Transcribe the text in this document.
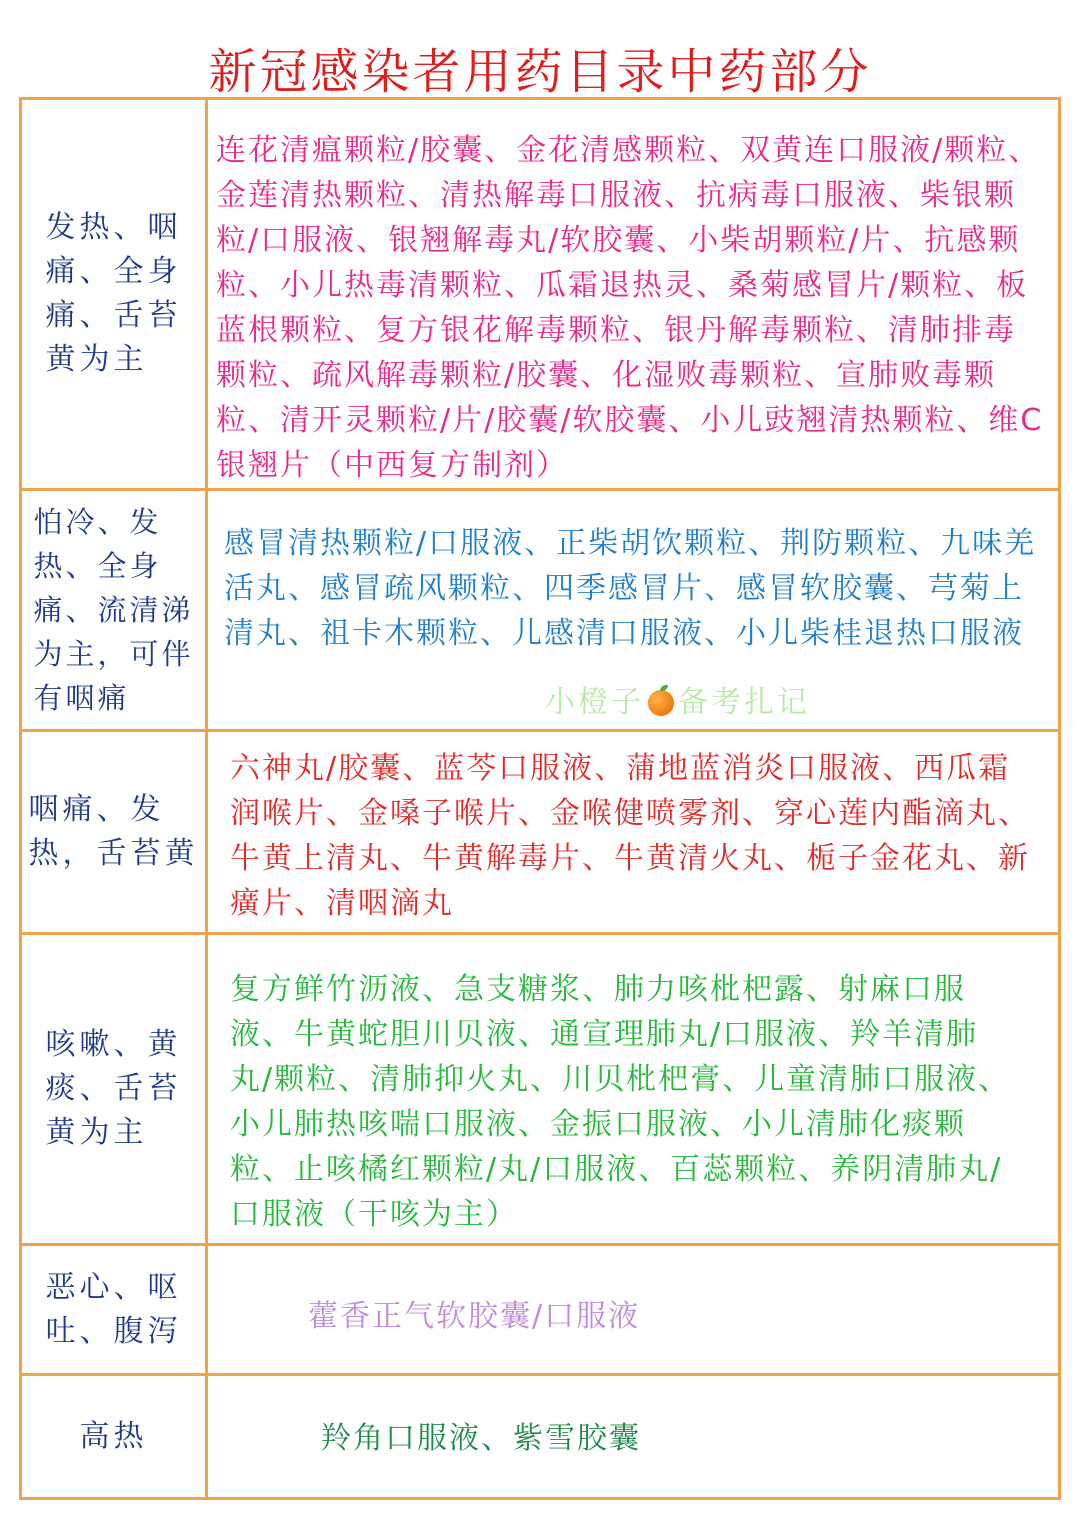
新冠感染者用药目录中药部分
发热、咽
痛、全身
痛、舌苔
黄为主
连花清瘟颗粒/胶囊、金花清感颗粒、双黄连口服液/颗粒、金莲清热颗粒、清热解毒口服液、抗病毒口服液、柴银颗粒/口服液、银翘解毒丸/软胶囊、小柴胡颗粒/片、抗感颗粒、小儿热毒清颗粒、瓜霜退热灵、桑菊感冒片/颗粒、板蓝根颗粒、复方银花解毒颗粒、银丹解毒颗粒、清肺排毒颗粒、疏风解毒颗粒/胶囊、化湿败毒颗粒、宣肺败毒颗粒、清开灵颗粒/片/胶囊/软胶囊、小儿豉翘清热颗粒、维C银翘片（中西复方制剂）
怕冷、发
热、全身
痛、流清涕
为主，可伴
有咽痛
感冒清热颗粒/口服液、正柴胡饮颗粒、荆防颗粒、九味羌活丸、感冒疏风颗粒、四季感冒片、感冒软胶囊、芎菊上清丸、祖卡木颗粒、儿感清口服液、小儿柴桂退热口服液
咽痛、发
热，舌苔黄
六神丸/胶囊、蓝芩口服液、蒲地蓝消炎口服液、西瓜霜润喉片、金嗓子喉片、金喉健喷雾剂、穿心莲内酯滴丸、牛黄上清丸、牛黄解毒片、牛黄清火丸、栀子金花丸、新癀片、清咽滴丸
咳嗽、黄
痰、舌苔
黄为主
复方鲜竹沥液、急支糖浆、肺力咳枇杷露、射麻口服液、牛黄蛇胆川贝液、通宣理肺丸/口服液、羚羊清肺丸/颗粒、清肺抑火丸、川贝枇杷膏、儿童清肺口服液、小儿肺热咳喘口服液、金振口服液、小儿清肺化痰颗粒、止咳橘红颗粒/丸/口服液、百蕊颗粒、养阴清肺丸/口服液（干咳为主）
恶心、呕
吐、腹泻	藿香正气软胶囊/口服液
高热	羚角口服液、紫雪胶囊
小橙子 备考扎记
